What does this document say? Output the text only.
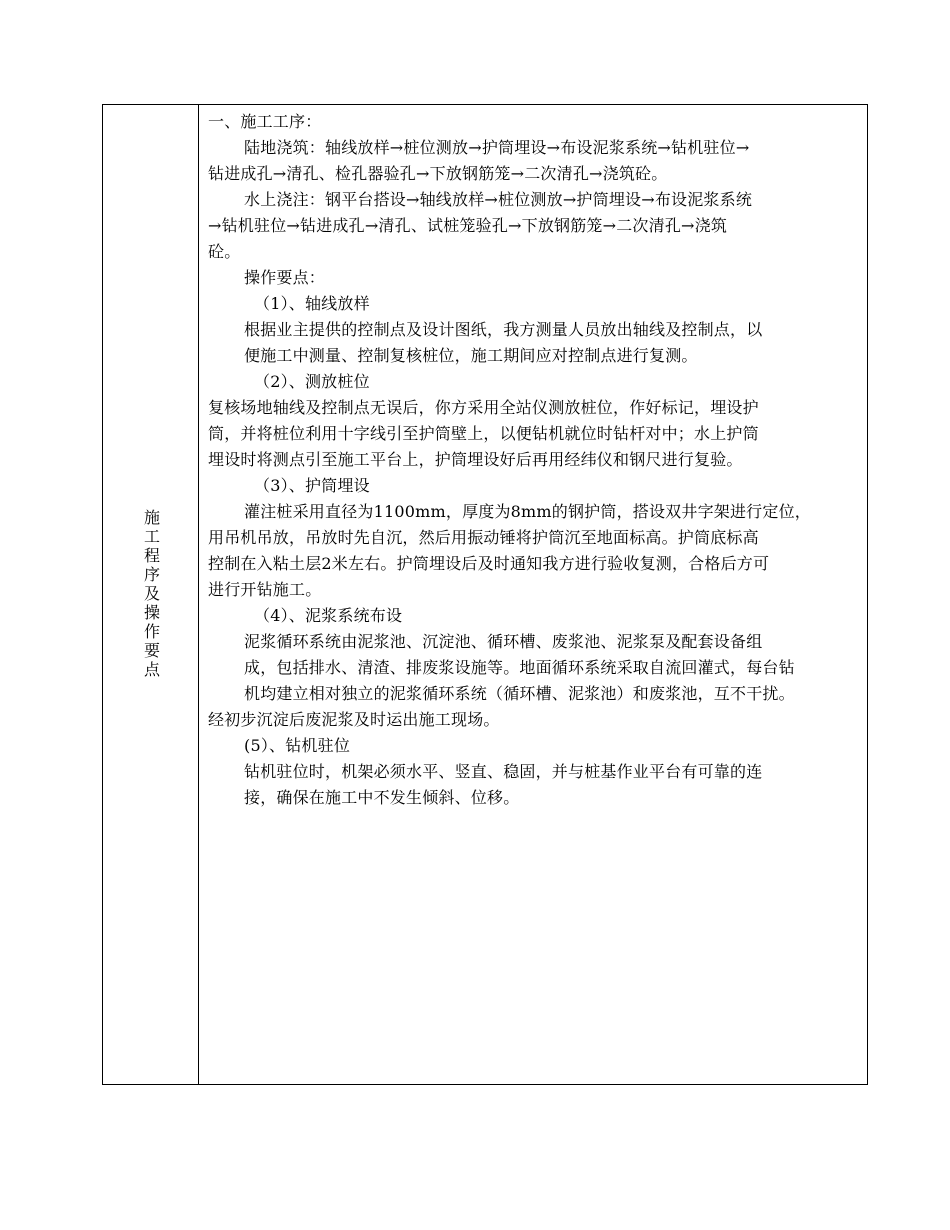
施工程序及操作要点
一、施工工序：
陆地浇筑：轴线放样→桩位测放→护筒埋设→布设泥浆系统→钻机驻位→
钻进成孔→清孔、检孔器验孔→下放钢筋笼→二次清孔→浇筑砼。
水上浇注：钢平台搭设→轴线放样→桩位测放→护筒埋设→布设泥浆系统
→钻机驻位→钻进成孔→清孔、试桩笼验孔→下放钢筋笼→二次清孔→浇筑
砼。
操作要点：
（1）、轴线放样
根据业主提供的控制点及设计图纸，我方测量人员放出轴线及控制点，以
便施工中测量、控制复核桩位，施工期间应对控制点进行复测。
（2）、测放桩位
复核场地轴线及控制点无误后，你方采用全站仪测放桩位，作好标记，埋设护
筒，并将桩位利用十字线引至护筒壁上，以便钻机就位时钻杆对中；水上护筒
埋设时将测点引至施工平台上，护筒埋设好后再用经纬仪和钢尺进行复验。
（3）、护筒埋设
灌注桩采用直径为1100mm，厚度为8mm的钢护筒，搭设双井字架进行定位，
用吊机吊放，吊放时先自沉，然后用振动锤将护筒沉至地面标高。护筒底标高
控制在入粘土层2米左右。护筒埋设后及时通知我方进行验收复测，合格后方可
进行开钻施工。
（4）、泥浆系统布设
泥浆循环系统由泥浆池、沉淀池、循环槽、废浆池、泥浆泵及配套设备组
成，包括排水、清渣、排废浆设施等。地面循环系统采取自流回灌式，每台钻
机均建立相对独立的泥浆循环系统（循环槽、泥浆池）和废浆池，互不干扰。
经初步沉淀后废泥浆及时运出施工现场。
(5）、钻机驻位
钻机驻位时，机架必须水平、竖直、稳固，并与桩基作业平台有可靠的连
接，确保在施工中不发生倾斜、位移。
